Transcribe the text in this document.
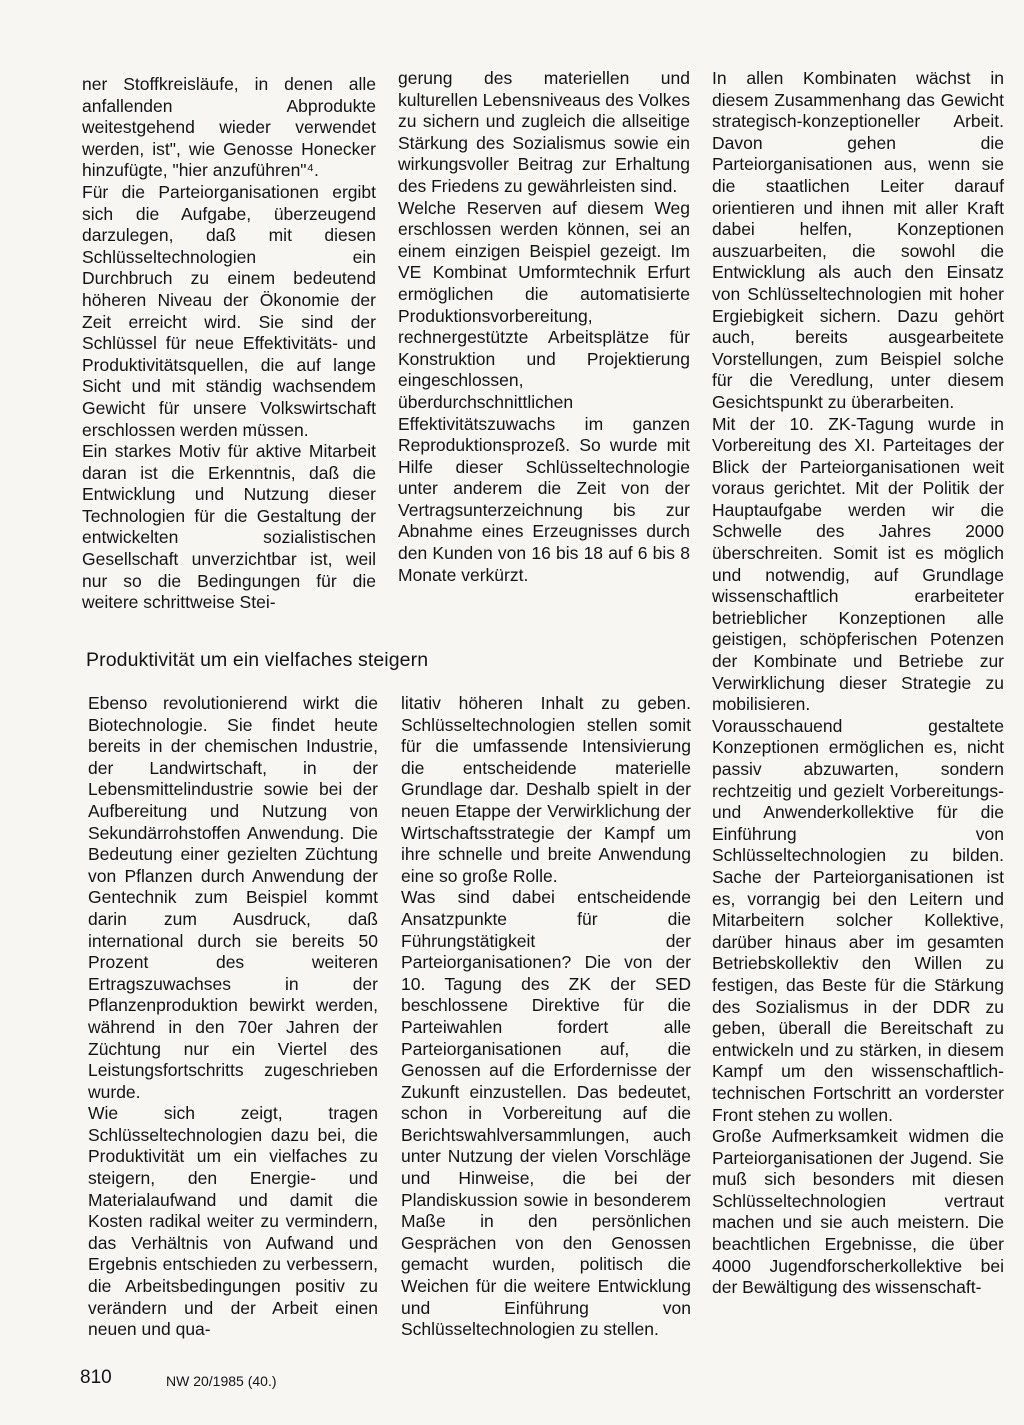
ner Stoffkreisläufe, in denen alle anfallenden Abprodukte weitestgehend wieder verwendet werden, ist", wie Genosse Honecker hinzufügte, "hier anzuführen"⁴.

Für die Parteiorganisationen ergibt sich die Aufgabe, überzeugend darzulegen, daß mit diesen Schlüsseltechnologien ein Durchbruch zu einem bedeutend höheren Niveau der Ökonomie der Zeit erreicht wird. Sie sind der Schlüssel für neue Effektivitäts- und Produktivitätsquellen, die auf lange Sicht und mit ständig wachsendem Gewicht für unsere Volkswirtschaft erschlossen werden müssen.

Ein starkes Motiv für aktive Mitarbeit daran ist die Erkenntnis, daß die Entwicklung und Nutzung dieser Technologien für die Gestaltung der entwickelten sozialistischen Gesellschaft unverzichtbar ist, weil nur so die Bedingungen für die weitere schrittweise Stei-

gerung des materiellen und kulturellen Lebensniveaus des Volkes zu sichern und zugleich die allseitige Stärkung des Sozialismus sowie ein wirkungsvoller Beitrag zur Erhaltung des Friedens zu gewährleisten sind.

Welche Reserven auf diesem Weg erschlossen werden können, sei an einem einzigen Beispiel gezeigt. Im VE Kombinat Umformtechnik Erfurt ermöglichen die automatisierte Produktionsvorbereitung, rechnergestützte Arbeitsplätze für Konstruktion und Projektierung eingeschlossen, überdurchschnittlichen Effektivitätszuwachs im ganzen Reproduktionsprozeß. So wurde mit Hilfe dieser Schlüsseltechnologie unter anderem die Zeit von der Vertragsunterzeichnung bis zur Abnahme eines Erzeugnisses durch den Kunden von 16 bis 18 auf 6 bis 8 Monate verkürzt.

In allen Kombinaten wächst in diesem Zusammenhang das Gewicht strategisch-konzeptioneller Arbeit. Davon gehen die Parteiorganisationen aus, wenn sie die staatlichen Leiter darauf orientieren und ihnen mit aller Kraft dabei helfen, Konzeptionen auszuarbeiten, die sowohl die Entwicklung als auch den Einsatz von Schlüsseltechnologien mit hoher Ergiebigkeit sichern. Dazu gehört auch, bereits ausgearbeitete Vorstellungen, zum Beispiel solche für die Veredlung, unter diesem Gesichtspunkt zu überarbeiten.

Mit der 10. ZK-Tagung wurde in Vorbereitung des XI. Parteitages der Blick der Parteiorganisationen weit voraus gerichtet. Mit der Politik der Hauptaufgabe werden wir die Schwelle des Jahres 2000 überschreiten. Somit ist es möglich und notwendig, auf Grundlage wissenschaftlich erarbeiteter betrieblicher Konzeptionen alle geistigen, schöpferischen Potenzen der Kombinate und Betriebe zur Verwirklichung dieser Strategie zu mobilisieren.

Vorausschauend gestaltete Konzeptionen ermöglichen es, nicht passiv abzuwarten, sondern rechtzeitig und gezielt Vorbereitungs- und Anwenderkollektive für die Einführung von Schlüsseltechnologien zu bilden. Sache der Parteiorganisationen ist es, vorrangig bei den Leitern und Mitarbeitern solcher Kollektive, darüber hinaus aber im gesamten Betriebskollektiv den Willen zu festigen, das Beste für die Stärkung des Sozialismus in der DDR zu geben, überall die Bereitschaft zu entwickeln und zu stärken, in diesem Kampf um den wissenschaftlich-technischen Fortschritt an vorderster Front stehen zu wollen.

Große Aufmerksamkeit widmen die Parteiorganisationen der Jugend. Sie muß sich besonders mit diesen Schlüsseltechnologien vertraut machen und sie auch meistern. Die beachtlichen Ergebnisse, die über 4000 Jugendforscherkollektive bei der Bewältigung des wissenschaft-

Produktivität um ein vielfaches steigern

Ebenso revolutionierend wirkt die Biotechnologie. Sie findet heute bereits in der chemischen Industrie, der Landwirtschaft, in der Lebensmittelindustrie sowie bei der Aufbereitung und Nutzung von Sekundärrohstoffen Anwendung. Die Bedeutung einer gezielten Züchtung von Pflanzen durch Anwendung der Gentechnik zum Beispiel kommt darin zum Ausdruck, daß international durch sie bereits 50 Prozent des weiteren Ertragszuwachses in der Pflanzenproduktion bewirkt werden, während in den 70er Jahren der Züchtung nur ein Viertel des Leistungsfortschritts zugeschrieben wurde.

Wie sich zeigt, tragen Schlüsseltechnologien dazu bei, die Produktivität um ein vielfaches zu steigern, den Energie- und Materialaufwand und damit die Kosten radikal weiter zu vermindern, das Verhältnis von Aufwand und Ergebnis entschieden zu verbessern, die Arbeitsbedingungen positiv zu verändern und der Arbeit einen neuen und qua-

litativ höheren Inhalt zu geben. Schlüsseltechnologien stellen somit für die umfassende Intensivierung die entscheidende materielle Grundlage dar. Deshalb spielt in der neuen Etappe der Verwirklichung der Wirtschaftsstrategie der Kampf um ihre schnelle und breite Anwendung eine so große Rolle.

Was sind dabei entscheidende Ansatzpunkte für die Führungstätigkeit der Parteiorganisationen? Die von der 10. Tagung des ZK der SED beschlossene Direktive für die Parteiwahlen fordert alle Parteiorganisationen auf, die Genossen auf die Erfordernisse der Zukunft einzustellen. Das bedeutet, schon in Vorbereitung auf die Berichtswahlversammlungen, auch unter Nutzung der vielen Vorschläge und Hinweise, die bei der Plandiskussion sowie in besonderem Maße in den persönlichen Gesprächen von den Genossen gemacht wurden, politisch die Weichen für die weitere Entwicklung und Einführung von Schlüsseltechnologien zu stellen.

810	NW 20/1985 (40.)
